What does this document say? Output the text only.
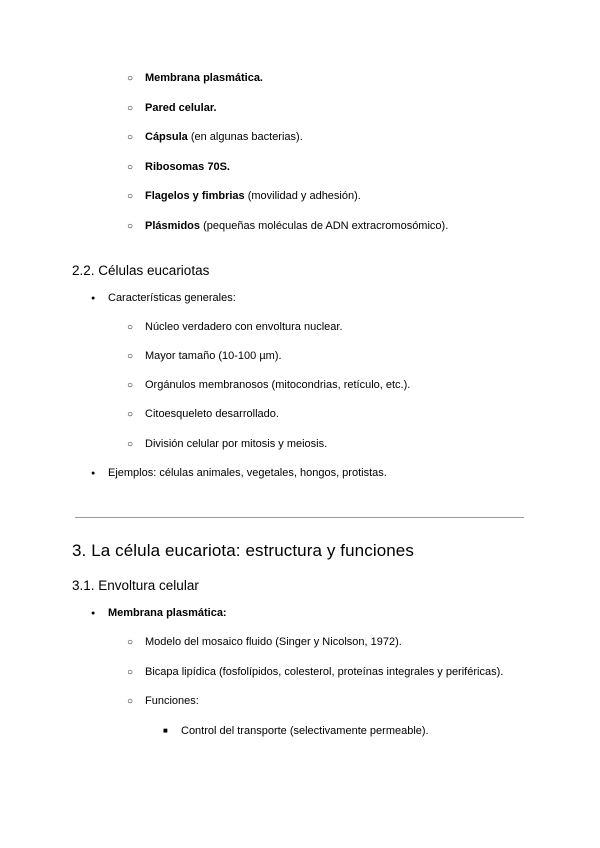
○
Membrana plasmática.
○
Pared celular.
○
Cápsula (en algunas bacterias).
○
Ribosomas 70S.
○
Flagelos y fimbrias (movilidad y adhesión).
○
Plásmidos (pequeñas moléculas de ADN extracromosómico).
2.2. Células eucariotas
●
Características generales:
○
Núcleo verdadero con envoltura nuclear.
○
Mayor tamaño (10-100 µm).
○
Orgánulos membranosos (mitocondrias, retículo, etc.).
○
Citoesqueleto desarrollado.
○
División celular por mitosis y meiosis.
●
Ejemplos: células animales, vegetales, hongos, protistas.
3. La célula eucariota: estructura y funciones
3.1. Envoltura celular
●
Membrana plasmática:
○
Modelo del mosaico fluido (Singer y Nicolson, 1972).
○
Bicapa lipídica (fosfolípidos, colesterol, proteínas integrales y periféricas).
○
Funciones:
■
Control del transporte (selectivamente permeable).
